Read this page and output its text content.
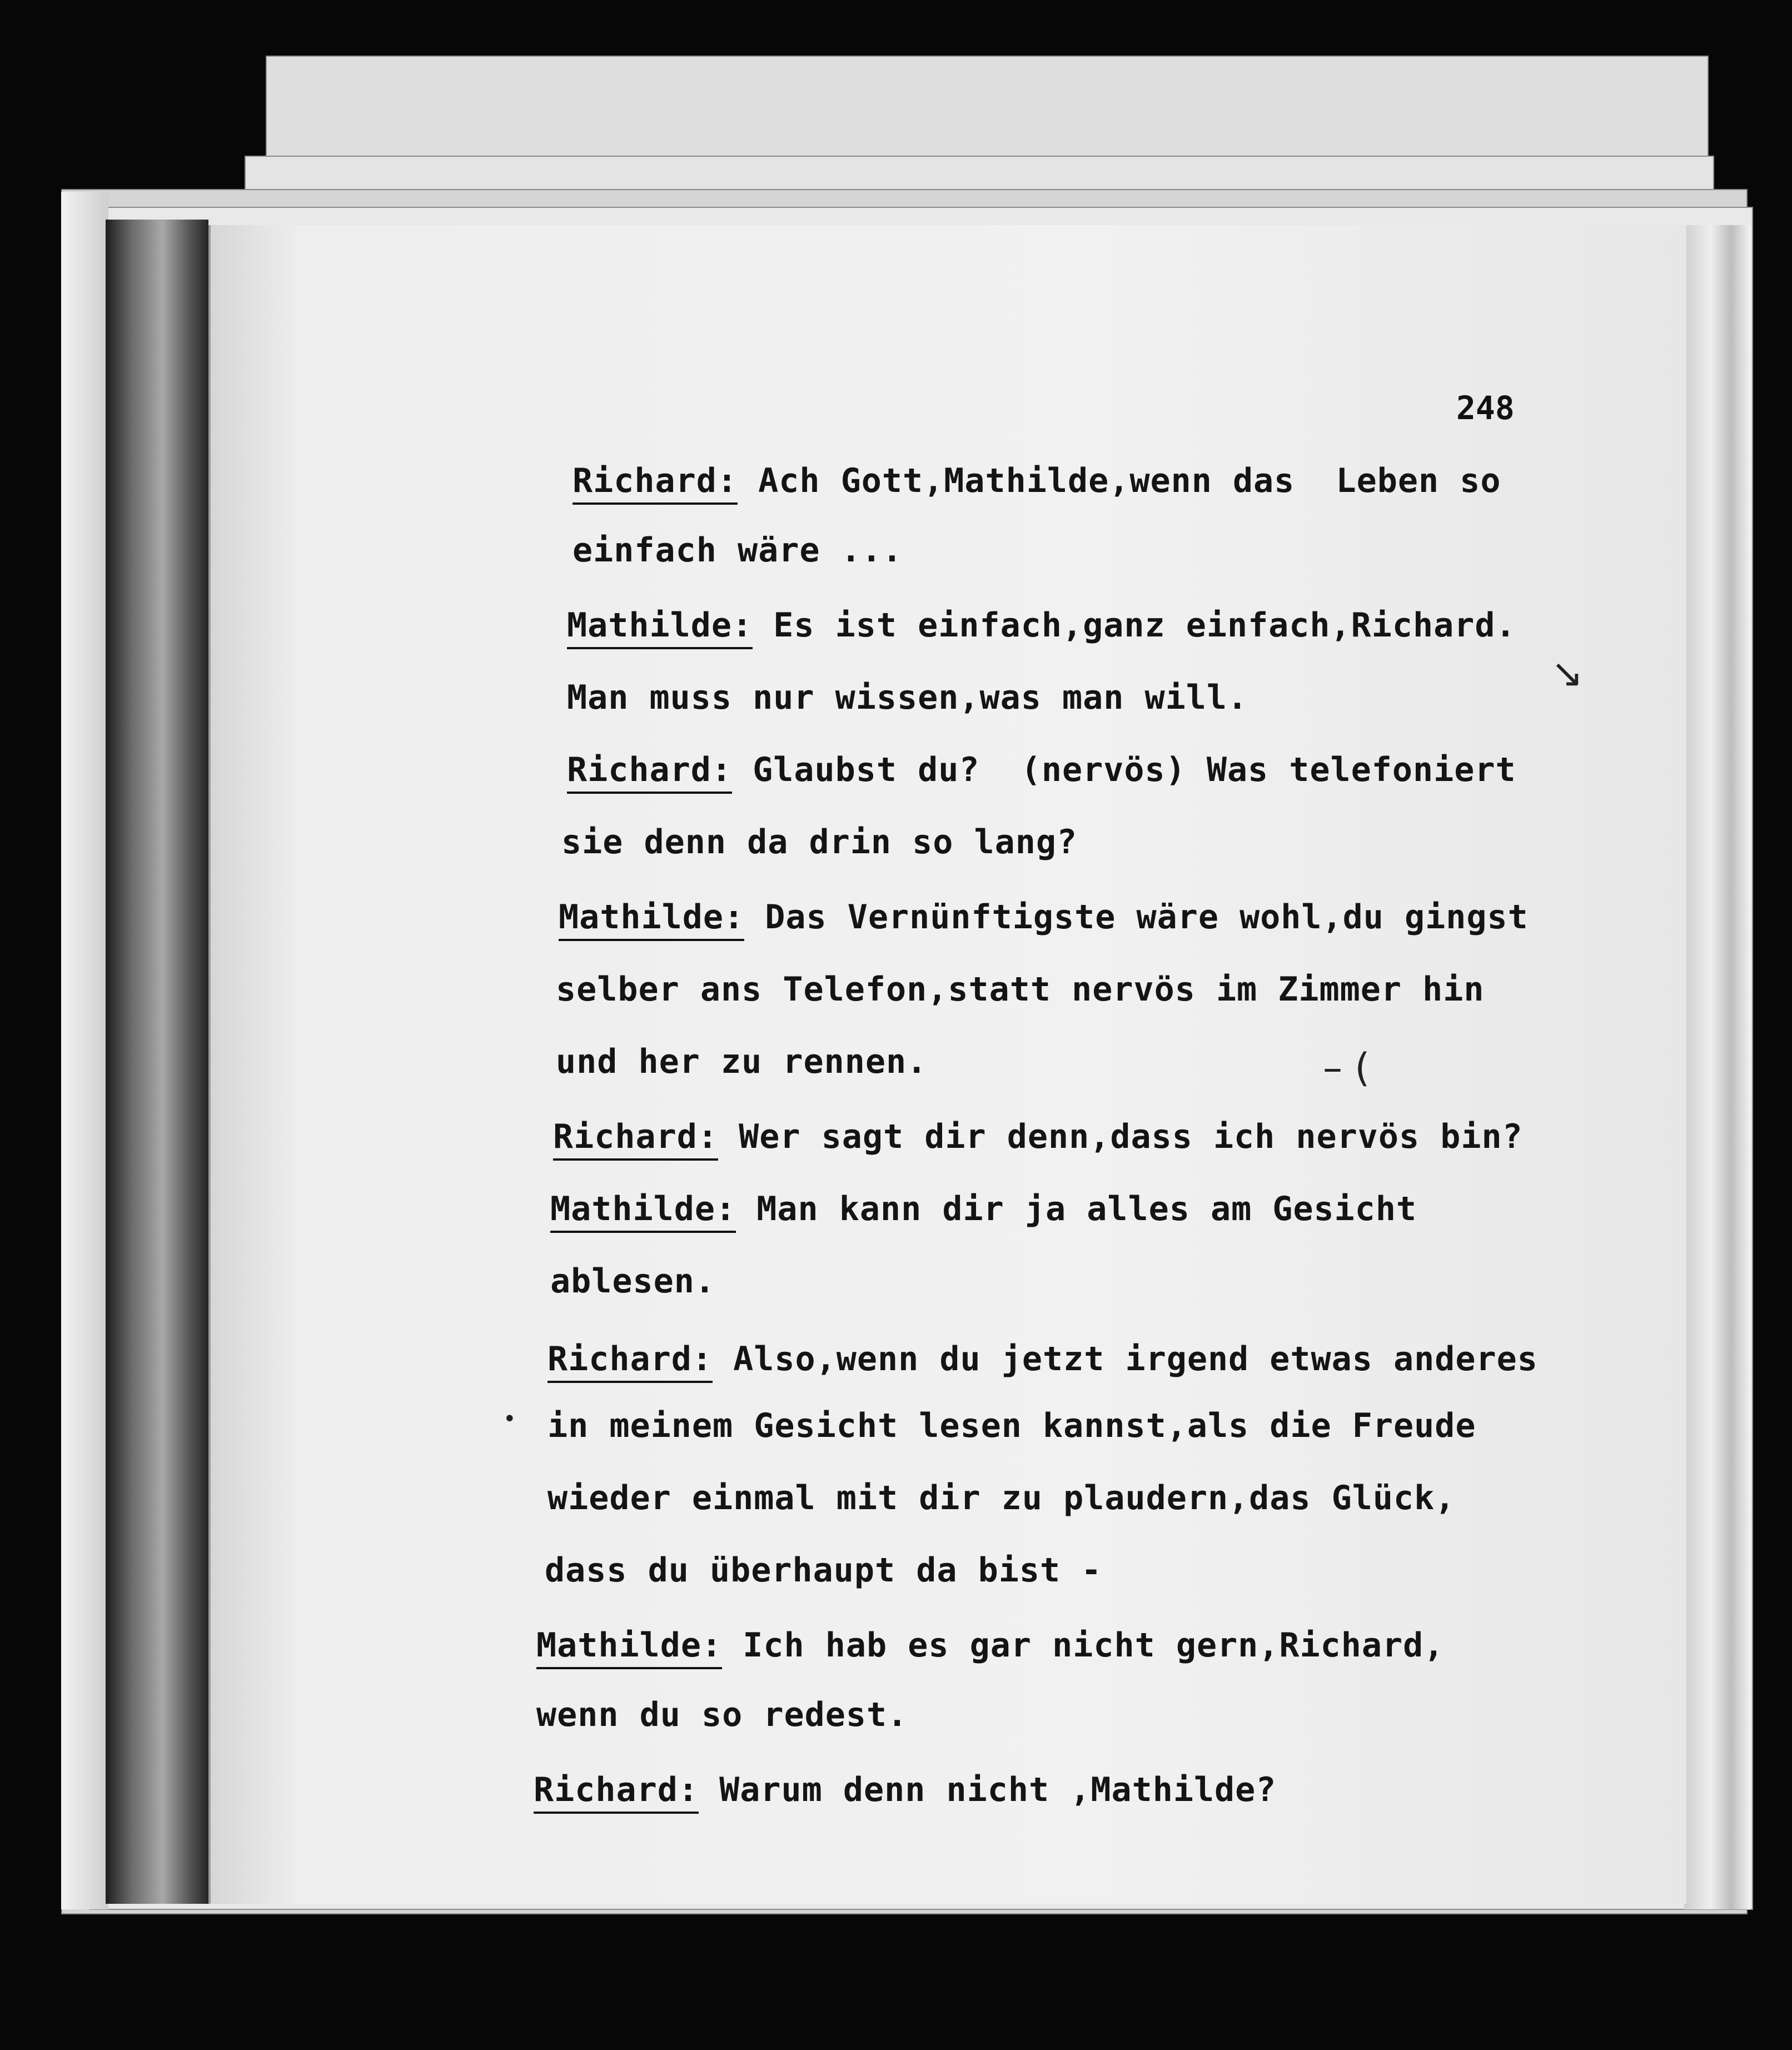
248
Richard: Ach Gott,Mathilde,wenn das  Leben so
einfach wäre ...
Mathilde: Es ist einfach,ganz einfach,Richard.
Man muss nur wissen,was man will.
Richard: Glaubst du?  (nervös) Was telefoniert
sie denn da drin so lang?
Mathilde: Das Vernünftigste wäre wohl,du gingst
selber ans Telefon,statt nervös im Zimmer hin
und her zu rennen.
Richard: Wer sagt dir denn,dass ich nervös bin?
Mathilde: Man kann dir ja alles am Gesicht
ablesen.
Richard: Also,wenn du jetzt irgend etwas anderes
in meinem Gesicht lesen kannst,als die Freude
wieder einmal mit dir zu plaudern,das Glück,
dass du überhaupt da bist -
Mathilde: Ich hab es gar nicht gern,Richard,
wenn du so redest.
Richard: Warum denn nicht ,Mathilde?
↘
– (
•
